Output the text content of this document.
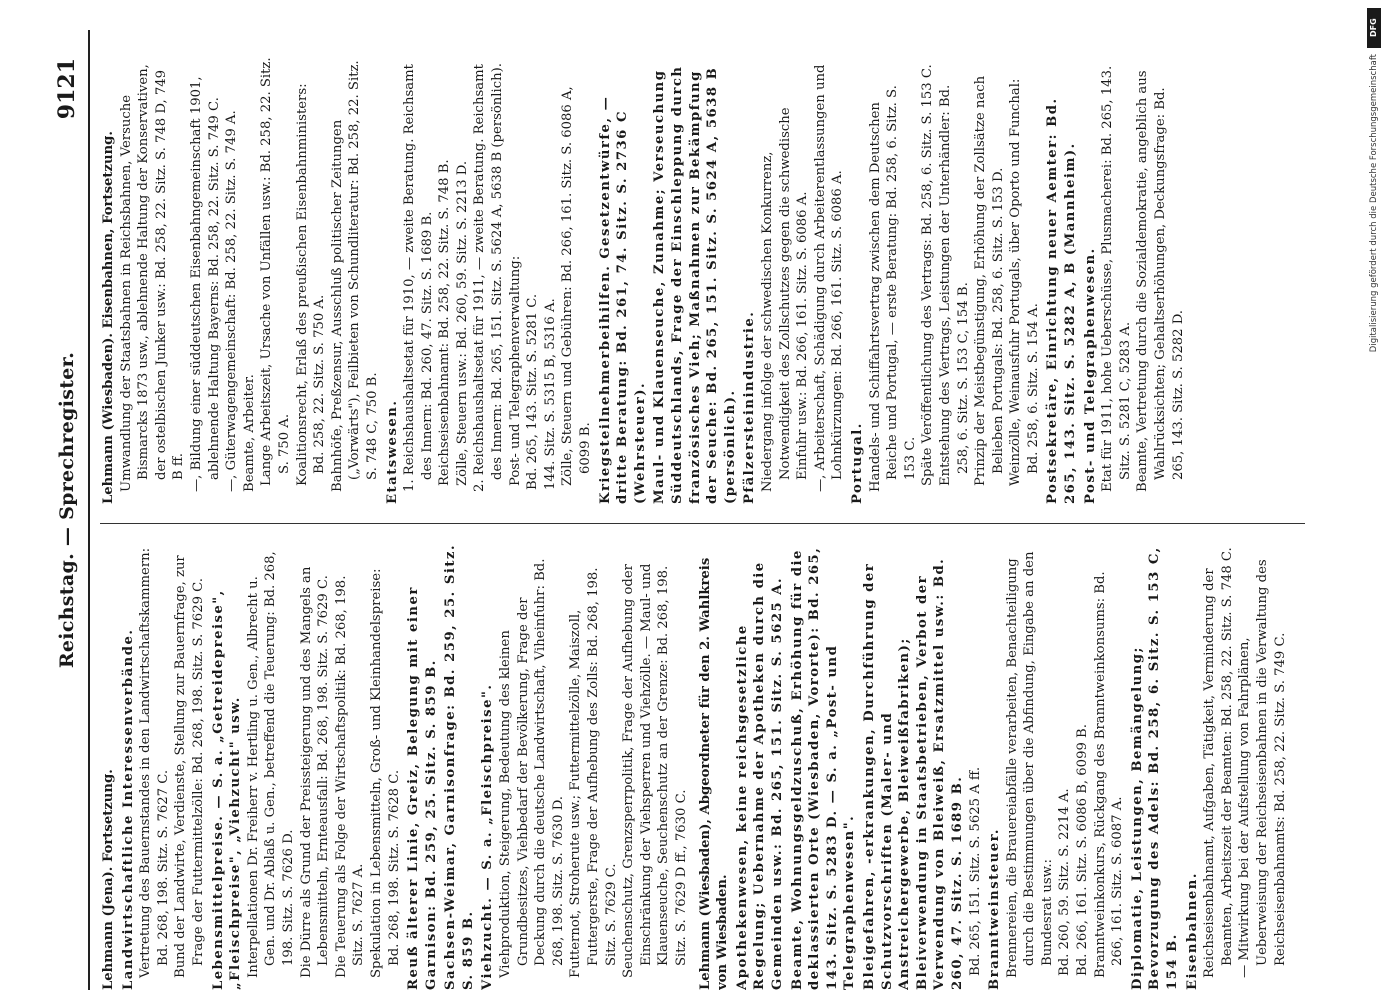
Reichstag. — Sprechregister.
9121

Lehmann (Jena). Fortsetzung. Landwirtschaftliche Interessenverbände. Vertretung des Bauernstandes in den Landwirtschaftskammern: Bd. 268, 198. Sitz. S. 7627 C. Bund der Landwirte, Verdienste, Stellung zur Bauernfrage, zur Frage der Futtermittelzölle: Bd. 268, 198. Sitz. S. 7629 C. Lebensmittelpreise. — S. a. „Getreidepreise", „Fleischpreise", „Viehzucht" usw. Interpellationen Dr. Freiherr v. Hertling u. Gen., Albrecht u. Gen. und Dr. Ablaß u. Gen., betreffend die Teuerung: Bd. 268, 198. Sitz. S. 7626 D. Die Dürre als Grund der Preissteigerung und des Mangels an Lebensmitteln, Ernteausfall: Bd. 268, 198. Sitz. S. 7629 C. Die Teuerung als Folge der Wirtschaftspolitik: Bd. 268, 198. Sitz. S. 7627 A. Spekulation in Lebensmitteln, Groß- und Kleinhandelspreise: Bd. 268, 198. Sitz. S. 7628 C. Reuß älterer Linie, Greiz, Belegung mit einer Garnison: Bd. 259, 25. Sitz. S. 859 B. Sachsen-Weimar, Garnisonfrage: Bd. 259, 25. Sitz. S. 859 B. Viehzucht. — S. a. „Fleischpreise". Viehproduktion, Steigerung, Bedeutung des kleinen Grundbesitzes, Viehbedarf der Bevölkerung, Frage der Deckung durch die deutsche Landwirtschaft, Viheinfuhr: Bd. 268, 198. Sitz. S. 7630 D. Futternot, Stroherute usw.; Futtermittelzölle, Maiszoll, Futtergerste, Frage der Aufhebung des Zolls: Bd. 268, 198. Sitz. S. 7629 C. Seuchenschutz, Grenzsperrpolitik, Frage der Aufhebung oder Einschränkung der Viehsperren und Viehzölle. — Maul- und Klauenseuche, Seuchenschutz an der Grenze: Bd. 268, 198. Sitz. S. 7629 D ff., 7630 C. Lehmann (Wiesbaden), Abgeordneter für den 2. Wahlkreis von Wiesbaden. Apothekenwesen, keine reichsgesetzliche Regelung; Uebernahme der Apotheken durch die Gemeinden usw.: Bd. 265, 151. Sitz. S. 5625 A. Beamte, Wohnungsgeldzuschuß, Erhöhung für die deklassierten Orte (Wiesbaden, Vororte): Bd. 265, 143. Sitz. S. 5283 D. — S. a. „Post- und Telegraphenwesen". Bleigefahren, -erkrankungen, Durchführung der Schutzvorschriften (Maler- und Anstreichergewerbe, Bleiweißfabriken); Bleiverwendung in Staatsbetrieben, Verbot der Verwendung von Bleiweiß, Ersatzmittel usw.: Bd. 260, 47. Sitz. S. 1689 B. Bd. 265, 151. Sitz. S. 5625 A ff. Branntweinsteuer. Brennereien, die Brauereiabfälle verarbeiten, Benachteiligung durch die Bestimmungen über die Abfindung, Eingabe an den Bundesrat usw.: Bd. 260, 59. Sitz. S. 2214 A. Bd. 266, 161. Sitz. S. 6086 B, 6099 B. Branntweinkonkurs, Rückgang des Branntweinkonsums: Bd. 266, 161. Sitz. S. 6087 A. Diplomatie, Leistungen, Bemängelung; Bevorzugung des Adels: Bd. 258, 6. Sitz. S. 153 C, 154 B. Eisenbahnen. Reichseisenbahnamt, Aufgaben, Tätigkeit, Verminderung der Beamten, Arbeitszeit der Beamten: Bd. 258, 22. Sitz. S. 748 C. — Mitwirkung bei der Aufstellung von Fahrplänen, Ueberweisung der Reichseisenbahnen in die Verwaltung des Reichseisenbahnamts: Bd. 258, 22. Sitz. S. 749 C.

Lehmann (Wiesbaden). Eisenbahnen, Fortsetzung. Umwandlung der Staatsbahnen in Reichsbahnen, Versuche Bismarcks 1873 usw., ablehnende Haltung der Konservativen, der ostelbischen Junker usw.: Bd. 258, 22. Sitz. S. 748 D, 749 B ff. —, Bildung einer süddeutschen Eisenbahngemeinschaft 1901, ablehnende Haltung Bayerns: Bd. 258, 22. Sitz. S. 749 C. —, Güterwagengemeinschaft: Bd. 258, 22. Sitz. S. 749 A. Beamte, Arbeiter. Lange Arbeitszeit, Ursache von Unfällen usw.: Bd. 258, 22. Sitz. S. 750 A. Koalitionsrecht, Erlaß des preußischen Eisenbahnministers: Bd. 258, 22. Sitz. S. 750 A. Bahnhöfe, Preßzensur, Ausschluß politischer Zeitungen („Vorwärts"), Feilbieten von Schundliteratur: Bd. 258, 22. Sitz. S. 748 C, 750 B. Etatswesen. 1. Reichshaushaltsetat für 1910, — zweite Beratung. Reichsamt des Innern: Bd. 260, 47. Sitz. S. 1689 B. Reichseisenbahnamt: Bd. 258, 22. Sitz. S. 748 B. Zölle, Steuern usw.: Bd. 260, 59. Sitz. S. 2213 D. 2. Reichshaushaltsetat für 1911, — zweite Beratung. Reichsamt des Innern: Bd. 265, 151. Sitz. S. 5624 A, 5638 B (persönlich). Post- und Telegraphenverwaltung: Bd. 265, 143. Sitz. S. 5281 C. 144. Sitz. S. 5315 B, 5316 A. Zölle, Steuern und Gebühren: Bd. 266, 161. Sitz. S. 6086 A, 6099 B. Kriegsteilnehmerbeihilfen. Gesetzentwürfe, — dritte Beratung: Bd. 261, 74. Sitz. S. 2736 C (Wehrsteuer). Maul- und Klauenseuche, Zunahme; Verseuchung Süddeutschlands, Frage der Einschleppung durch französisches Vieh; Maßnahmen zur Bekämpfung der Seuche: Bd. 265, 151. Sitz. S. 5624 A, 5638 B (persönlich). Pfälzersteinindustrie. Niedergang infolge der schwedischen Konkurrenz, Notwendigkeit des Zollschutzes gegen die schwedische Einfuhr usw.: Bd. 266, 161. Sitz. S. 6086 A. —, Arbeiterschaft, Schädigung durch Arbeiterentlassungen und Lohnkürzungen: Bd. 266, 161. Sitz. S. 6086 A. Portugal. Handels- und Schiffahrtsvertrag zwischen dem Deutschen Reiche und Portugal, — erste Beratung: Bd. 258, 6. Sitz. S. 153 C. Späte Veröffentlichung des Vertrags: Bd. 258, 6. Sitz. S. 153 C. Entstehung des Vertrags, Leistungen der Unterhändler: Bd. 258, 6. Sitz. S. 153 C, 154 B. Prinzip der Meistbegünstigung, Erhöhung der Zollsätze nach Belieben Portugals: Bd. 258, 6. Sitz. S. 153 D. Weinzölle, Weinausfuhr Portugals, über Oporto und Funchal: Bd. 258, 6. Sitz. S. 154 A. Postsekretäre, Einrichtung neuer Aemter: Bd. 265, 143. Sitz. S. 5282 A, B (Mannheim). Post- und Telegraphenwesen. Etat für 1911, hohe Ueberschüsse, Plusmacherei: Bd. 265, 143. Sitz. S. 5281 C, 5283 A. Beamte, Vertretung durch die Sozialdemokratie, angeblich aus Wahlrücksichten; Gehaltserhöhungen, Deckungsfrage: Bd. 265, 143. Sitz. S. 5282 D.

DFG
Digitalisierung gefördert durch die Deutsche Forschungsgemeinschaft
